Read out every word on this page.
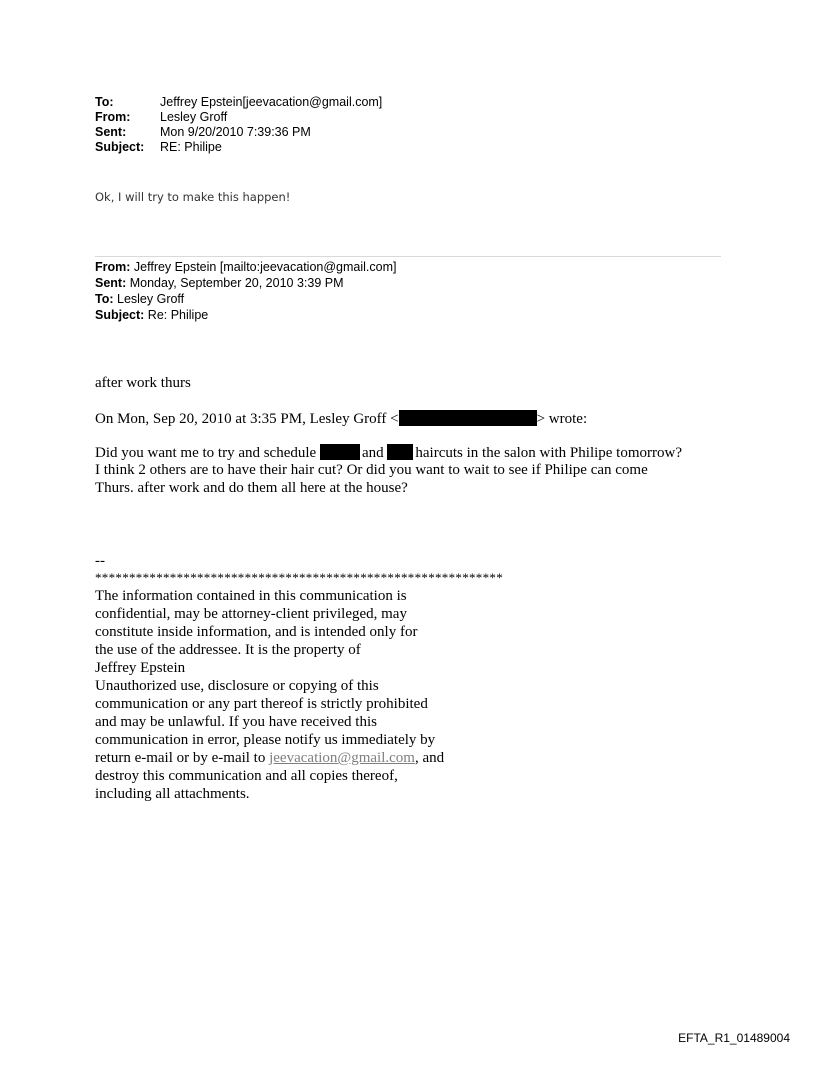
To:	Jeffrey Epstein[jeevacation@gmail.com]
From:	Lesley Groff
Sent:	Mon 9/20/2010 7:39:36 PM
Subject:	RE: Philipe
Ok, I will try to make this happen!
From: Jeffrey Epstein [mailto:jeevacation@gmail.com]
Sent: Monday, September 20, 2010 3:39 PM
To: Lesley Groff
Subject: Re: Philipe
after work thurs
On Mon, Sep 20, 2010 at 3:35 PM, Lesley Groff <	> wrote:
Did you want me to try and schedule	and haircuts in the salon with Philipe tomorrow?
I think 2 others are to have their hair cut? Or did you want to wait to see if Philipe can come
Thurs. after work and do them all here at the house?
--
************************************************************
The information contained in this communication is
confidential, may be attorney-client privileged, may
constitute inside information, and is intended only for
the use of the addressee. It is the property of
Jeffrey Epstein
Unauthorized use, disclosure or copying of this
communication or any part thereof is strictly prohibited
and may be unlawful. If you have received this
communication in error, please notify us immediately by
return e-mail or by e-mail to jeevacation@gmail.com, and
destroy this communication and all copies thereof,
including all attachments.
EFTA_R1_01489004
